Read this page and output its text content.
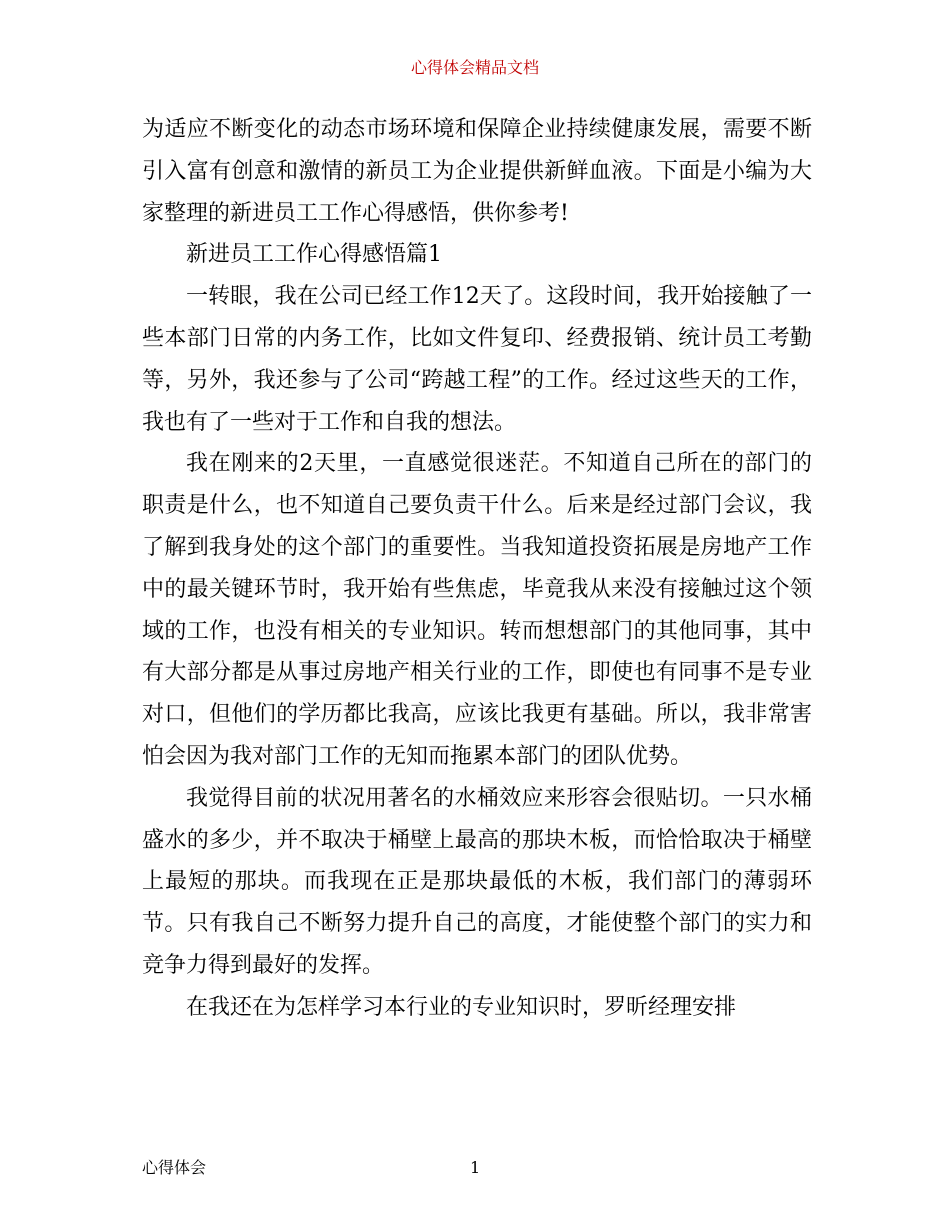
心得体会精品文档

为适应不断变化的动态市场环境和保障企业持续健康发展，需要不断引入富有创意和激情的新员工为企业提供新鲜血液。下面是小编为大家整理的新进员工工作心得感悟，供你参考!

新进员工工作心得感悟篇1

一转眼，我在公司已经工作12天了。这段时间，我开始接触了一些本部门日常的内务工作，比如文件复印、经费报销、统计员工考勤等，另外，我还参与了公司“跨越工程”的工作。经过这些天的工作，我也有了一些对于工作和自我的想法。

我在刚来的2天里，一直感觉很迷茫。不知道自己所在的部门的职责是什么，也不知道自己要负责干什么。后来是经过部门会议，我了解到我身处的这个部门的重要性。当我知道投资拓展是房地产工作中的最关键环节时，我开始有些焦虑，毕竟我从来没有接触过这个领域的工作，也没有相关的专业知识。转而想想部门的其他同事，其中有大部分都是从事过房地产相关行业的工作，即使也有同事不是专业对口，但他们的学历都比我高，应该比我更有基础。所以，我非常害怕会因为我对部门工作的无知而拖累本部门的团队优势。

我觉得目前的状况用著名的水桶效应来形容会很贴切。一只水桶盛水的多少，并不取决于桶壁上最高的那块木板，而恰恰取决于桶壁上最短的那块。而我现在正是那块最低的木板，我们部门的薄弱环节。只有我自己不断努力提升自己的高度，才能使整个部门的实力和竞争力得到最好的发挥。

在我还在为怎样学习本行业的专业知识时，罗昕经理安排

心得体会	1
